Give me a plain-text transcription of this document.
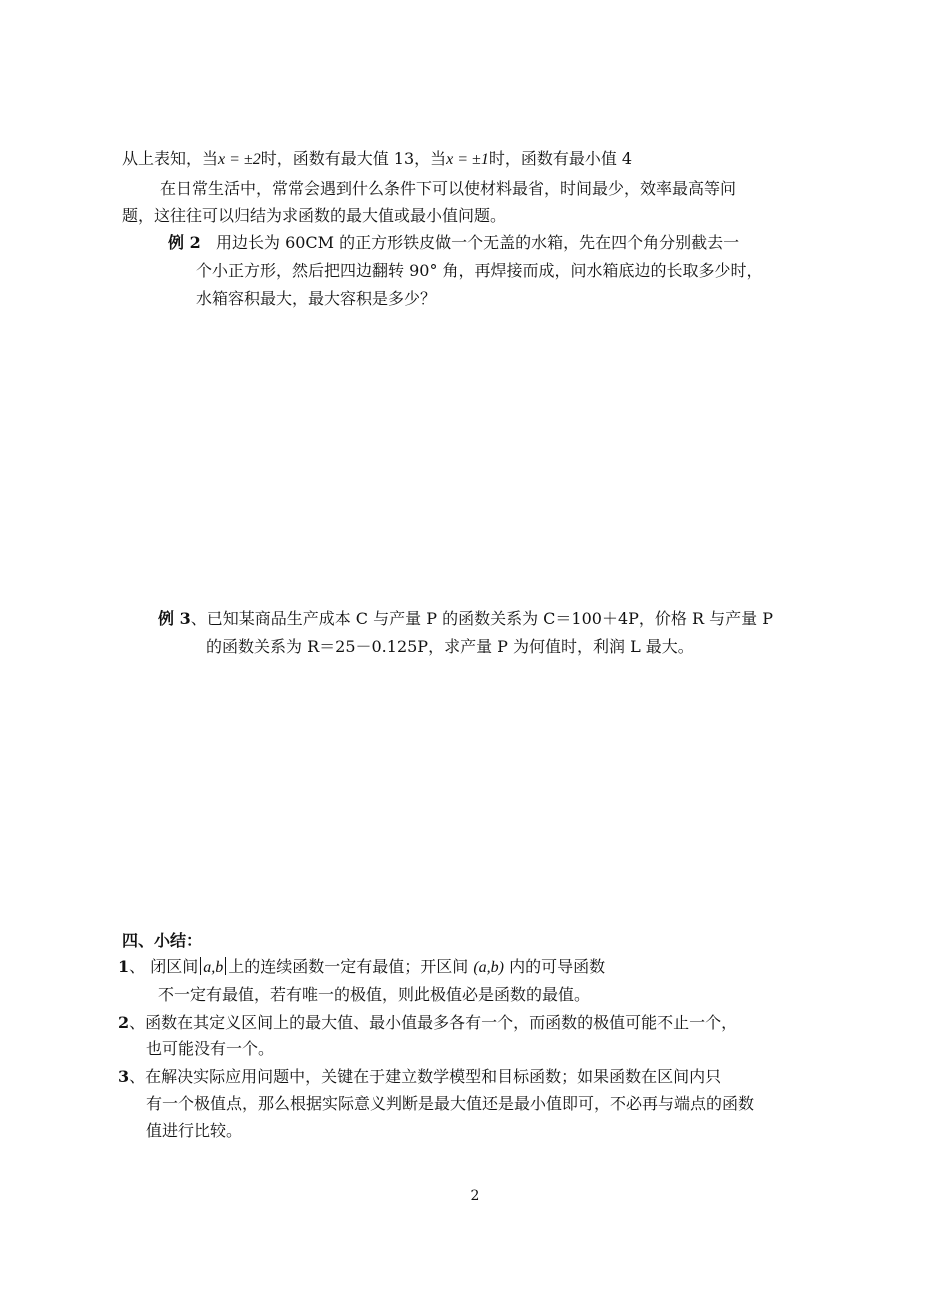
从上表知，当x = ±2时，函数有最大值 13，当x = ±1时，函数有最小值 4
在日常生活中，常常会遇到什么条件下可以使材料最省，时间最少，效率最高等问
题，这往往可以归结为求函数的最大值或最小值问题。
例 2 用边长为 60CM 的正方形铁皮做一个无盖的水箱，先在四个角分别截去一
个小正方形，然后把四边翻转 90° 角，再焊接而成，问水箱底边的长取多少时，
水箱容积最大，最大容积是多少？
例 3、已知某商品生产成本 C 与产量 P 的函数关系为 C＝100＋4P，价格 R 与产量 P
的函数关系为 R＝25－0.125P，求产量 P 为何值时，利润 L 最大。
四、小结：
1、 闭区间 a,b 上的连续函数一定有最值；开区间 (a,b) 内的可导函数
不一定有最值，若有唯一的极值，则此极值必是函数的最值。
2、函数在其定义区间上的最大值、最小值最多各有一个，而函数的极值可能不止一个，
也可能没有一个。
3、在解决实际应用问题中，关键在于建立数学模型和目标函数；如果函数在区间内只
有一个极值点，那么根据实际意义判断是最大值还是最小值即可，不必再与端点的函数
值进行比较。
2
